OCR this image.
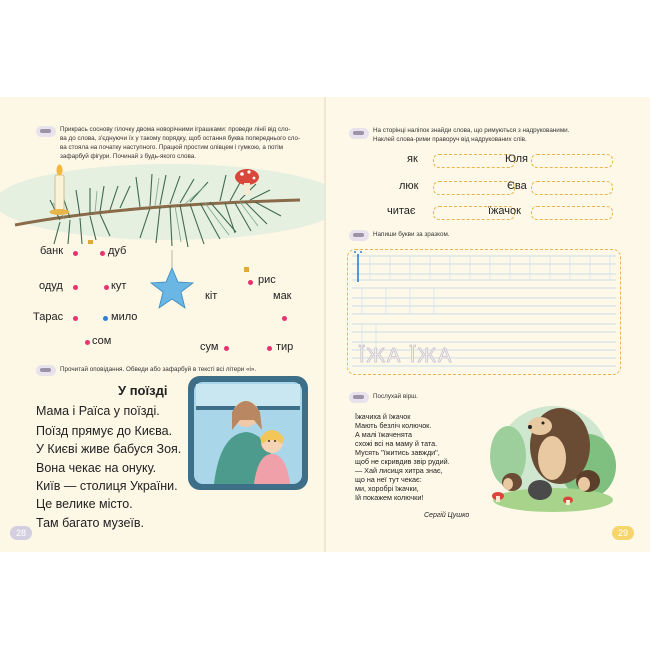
Прикрась соснову гілочку двома новорічними іграшками: проведи лінії від сло-
ва до слова, з'єднуючи їх у такому порядку, щоб остання буква попереднього сло-
ва стояла на початку наступного. Працюй простим олівцем і гумкою, а потім
зафарбуй фігури. Починай з будь-якого слова.
банк	дуб
одуд	кут
Тарас	мило
сом
рис
кіт	мак
сум	тир
Прочитай оповідання. Обведи або зафарбуй в тексті всі літери «і».
У поїзді
Мама і Раїса у поїзді.
Поїзд прямує до Києва.
У Києві живе бабуся Зоя.
Вона чекає на онуку.
Київ — столиця України.
Це велике місто.
Там багато музеїв.
28
На сторінці наліпок знайди слова, що римуються з надрукованими.
Наклей слова-рими праворуч від надрукованих слів.
як	Юля
люк	Єва
читає	їжачок
Напиши букви за зразком.
ЇЖА ЇЖА
Послухай вірш.
Їжачиха й їжачок
Мають безліч колючок.
А малі їжаченята
схожі всі на маму й тата.
Мусять "їжитись завжди",
щоб не скривдив звір рудий.
— Хай лисиця хитра знає,
що на неї тут чекає:
ми, хоробрі їжачки,
їй покажем колючки!
Сергій Цушко
29
